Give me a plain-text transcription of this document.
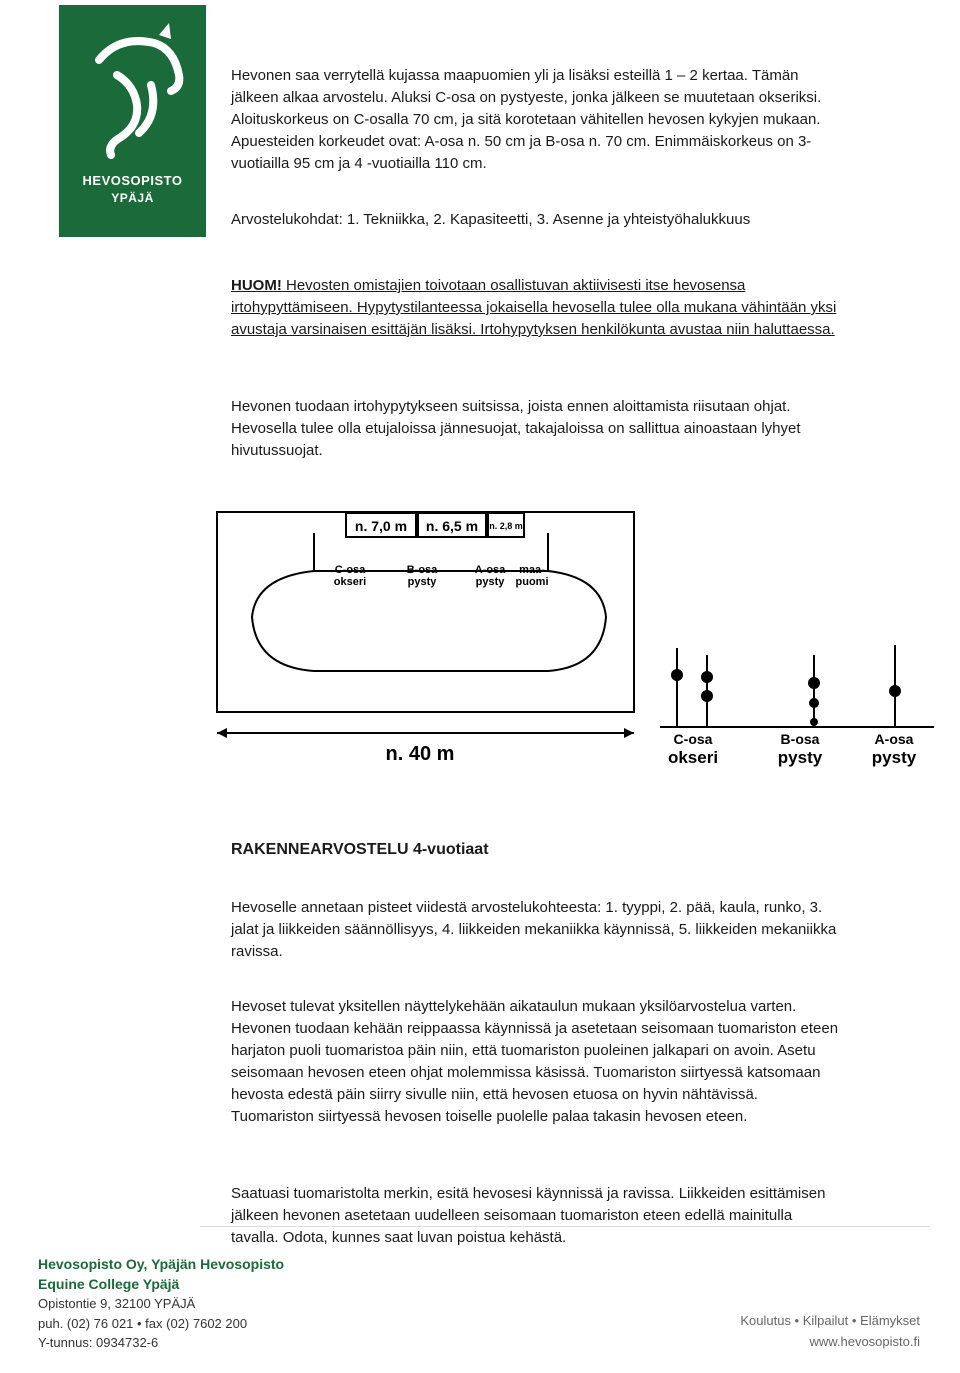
HEVOSOPISTO
YPÄJÄ

Hevonen saa verrytellä kujassa maapuomien yli ja lisäksi esteillä 1 – 2 kertaa. Tämän jälkeen alkaa arvostelu. Aluksi C-osa on pystyeste, jonka jälkeen se muutetaan okseriksi. Aloituskorkeus on C-osalla 70 cm, ja sitä korotetaan vähitellen hevosen kykyjen mukaan. Apuesteiden korkeudet ovat: A-osa n. 50 cm ja B-osa n. 70 cm. Enimmäiskorkeus on 3-vuotiailla 95 cm ja 4 -vuotiailla 110 cm.

Arvostelukohdat: 1. Tekniikka, 2. Kapasiteetti, 3. Asenne ja yhteistyöhalukkuus

HUOM! Hevosten omistajien toivotaan osallistuvan aktiivisesti itse hevosensa irtohypyttämiseen. Hypytystilanteessa jokaisella hevosella tulee olla mukana vähintään yksi avustaja varsinaisen esittäjän lisäksi. Irtohypytyksen henkilökunta avustaa niin haluttaessa.

Hevonen tuodaan irtohypytykseen suitsissa, joista ennen aloittamista riisutaan ohjat. Hevosella tulee olla etujaloissa jännesuojat, takajaloissa on sallittua ainoastaan lyhyet hivutussuojat.

n. 7,0 m n. 6,5 m n. 2,8 m
C-osa
okseri
B-osa
pysty
A-osa
pysty
maa-
puomi
n. 40 m
C-osa
okseri
B-osa
pysty
A-osa
pysty
RAKENNEARVOSTELU 4-vuotiaat

Hevoselle annetaan pisteet viidestä arvostelukohteesta: 1. tyyppi, 2. pää, kaula, runko, 3. jalat ja liikkeiden säännöllisyys, 4. liikkeiden mekaniikka käynnissä, 5. liikkeiden mekaniikka ravissa.

Hevoset tulevat yksitellen näyttelykehään aikataulun mukaan yksilöarvostelua varten. Hevonen tuodaan kehään reippaassa käynnissä ja asetetaan seisomaan tuomariston eteen harjaton puoli tuomaristoa päin niin, että tuomariston puoleinen jalkapari on avoin. Asetu seisomaan hevosen eteen ohjat molemmissa käsissä. Tuomariston siirtyessä katsomaan hevosta edestä päin siirry sivulle niin, että hevosen etuosa on hyvin nähtävissä. Tuomariston siirtyessä hevosen toiselle puolelle palaa takasin hevosen eteen.

Saatuasi tuomaristolta merkin, esitä hevosesi käynnissä ja ravissa. Liikkeiden esittämisen jälkeen hevonen asetetaan uudelleen seisomaan tuomariston eteen edellä mainitulla tavalla. Odota, kunnes saat luvan poistua kehästä.

Hevosopisto Oy, Ypäjän Hevosopisto
Equine College Ypäjä
Opistontie 9, 32100 YPÄJÄ
puh. (02) 76 021 • fax (02) 7602 200
Y-tunnus: 0934732-6
Koulutus • Kilpailut • Elämykset
www.hevosopisto.fi
